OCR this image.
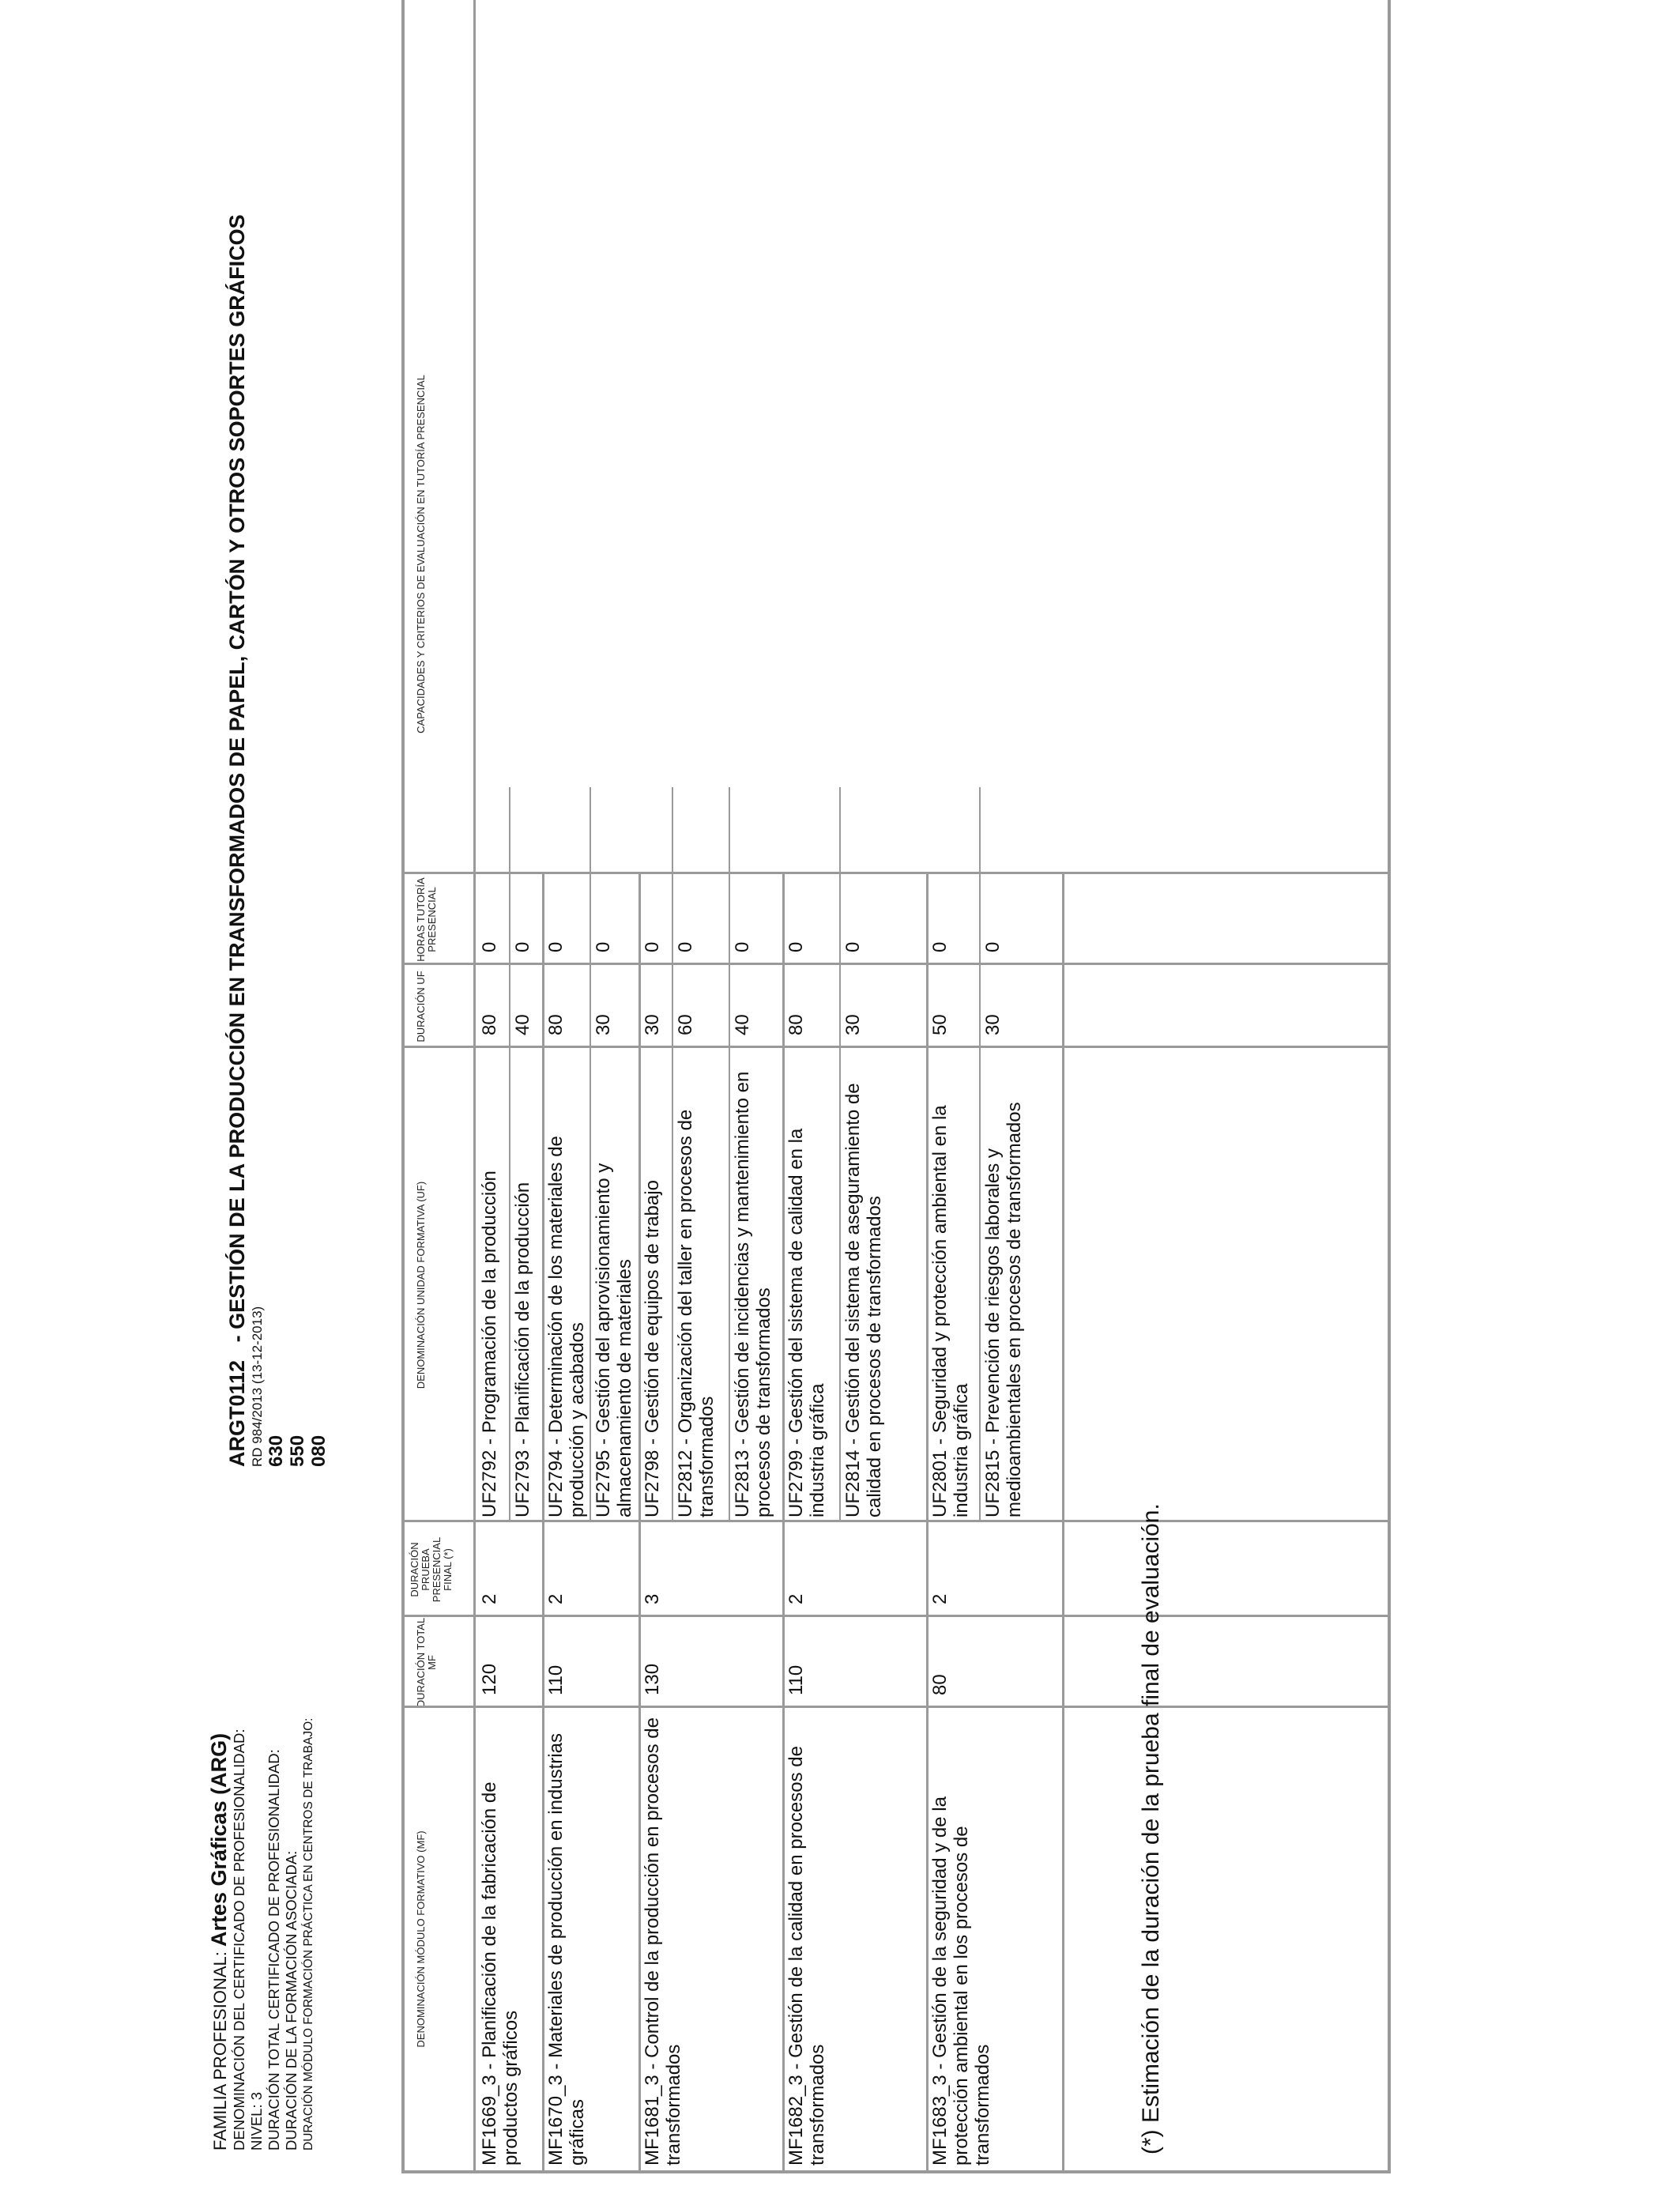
FAMILIA PROFESIONAL: Artes Gráficas (ARG) DENOMINACIÓN DEL CERTIFICADO DE PROFESIONALIDAD: NIVEL: 3 DURACIÓN TOTAL CERTIFICADO DE PROFESIONALIDAD: DURACIÓN DE LA FORMACIÓN ASOCIADA: DURACIÓN MÓDULO FORMACIÓN PRÁCTICA EN CENTROS DE TRABAJO:
ARGT0112   - GESTIÓN DE LA PRODUCCIÓN EN TRANSFORMADOS DE PAPEL, CARTÓN Y OTROS SOPORTES GRÁFICOS
RD 984/2013 (13-12-2013) 630 550 080
DENOMINACIÓN MÓDULO FORMATIVO (MF)
DURACIÓN TOTAL MF
DURACIÓN PRUEBA PRESENCIAL FINAL (*)
DENOMINACIÓN UNIDAD FORMATIVA (UF)
DURACIÓN UF
HORAS TUTORÍA PRESENCIAL
CAPACIDADES Y CRITERIOS DE EVALUACIÓN EN TUTORÍA PRESENCIAL
MF1669_3 - Planificación de la fabricación de productos gráficos
120
2
UF2792 - Programación de la producción
80
0
UF2793 - Planificación de la producción
40
0
MF1670_3 - Materiales de producción en industrias gráficas
110
2
UF2794 - Determinación de los materiales de producción y acabados
80
0
UF2795 - Gestión del aprovisionamiento y almacenamiento de materiales
30
0
MF1681_3 - Control de la producción en procesos de transformados
130
3
UF2798 - Gestión de equipos de trabajo
30
0
UF2812 - Organización del taller en procesos de transformados
60
0
UF2813 - Gestión de incidencias y mantenimiento en procesos de transformados
40
0
MF1682_3 - Gestión de la calidad en procesos de transformados
110
2
UF2799 - Gestión del sistema de calidad en la industria gráfica
80
0
UF2814 - Gestión del sistema de aseguramiento de calidad en procesos de transformados
30
0
MF1683_3 - Gestión de la seguridad y de la protección ambiental en los procesos de transformados
80
2
UF2801 - Seguridad y protección ambiental en la industria gráfica
50
0
UF2815 - Prevención de riesgos laborales y medioambientales en procesos de transformados
30
0
(*) Estimación de la duración de la prueba final de evaluación.
